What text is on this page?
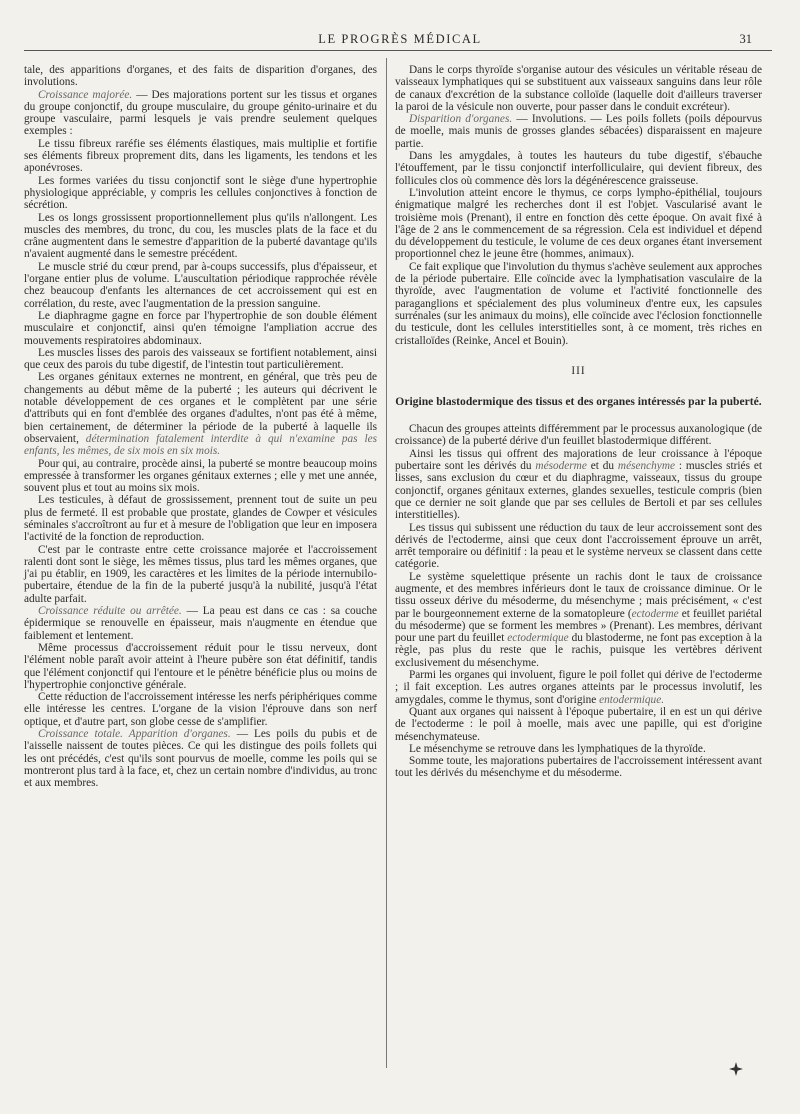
LE PROGRÈS MÉDICAL	31

tale, des apparitions d'organes, et des faits de disparition d'organes, des involutions.

Croissance majorée. — Des majorations portent sur les tissus et organes du groupe conjonctif, du groupe musculaire, du groupe génito-urinaire et du groupe vasculaire, parmi lesquels je vais prendre seulement quelques exemples :

Le tissu fibreux raréfie ses éléments élastiques, mais multiplie et fortifie ses éléments fibreux proprement dits, dans les ligaments, les tendons et les aponévroses.

Les formes variées du tissu conjonctif sont le siège d'une hypertrophie physiologique appréciable, y compris les cellules conjonctives à fonction de sécrétion.

Les os longs grossissent proportionnellement plus qu'ils n'allongent. Les muscles des membres, du tronc, du cou, les muscles plats de la face et du crâne augmentent dans le semestre d'apparition de la puberté davantage qu'ils n'avaient augmenté dans le semestre précédent.

Le muscle strié du cœur prend, par à-coups successifs, plus d'épaisseur, et l'organe entier plus de volume. L'auscultation périodique rapprochée révèle chez beaucoup d'enfants les alternances de cet accroissement qui est en corrélation, du reste, avec l'augmentation de la pression sanguine.

Le diaphragme gagne en force par l'hypertrophie de son double élément musculaire et conjonctif, ainsi qu'en témoigne l'ampliation accrue des mouvements respiratoires abdominaux.

Les muscles lisses des parois des vaisseaux se fortifient notablement, ainsi que ceux des parois du tube digestif, de l'intestin tout particulièrement.

Les organes génitaux externes ne montrent, en général, que très peu de changements au début même de la puberté ; les auteurs qui décrivent le notable développement de ces organes et le complètent par une série d'attributs qui en font d'emblée des organes d'adultes, n'ont pas été à même, bien certainement, de déterminer la période de la puberté à laquelle ils observaient, détermination fatalement interdite à qui n'examine pas les enfants, les mêmes, de six mois en six mois.

Pour qui, au contraire, procède ainsi, la puberté se montre beaucoup moins empressée à transformer les organes génitaux externes ; elle y met une année, souvent plus et tout au moins six mois.

Les testicules, à défaut de grossissement, prennent tout de suite un peu plus de fermeté. Il est probable que prostate, glandes de Cowper et vésicules séminales s'accroîtront au fur et à mesure de l'obligation que leur en imposera l'activité de la fonction de reproduction.

C'est par le contraste entre cette croissance majorée et l'accroissement ralenti dont sont le siège, les mêmes tissus, plus tard les mêmes organes, que j'ai pu établir, en 1909, les caractères et les limites de la période internubilo-pubertaire, étendue de la fin de la puberté jusqu'à la nubilité, jusqu'à l'état adulte parfait.

Croissance réduite ou arrêtée. — La peau est dans ce cas : sa couche épidermique se renouvelle en épaisseur, mais n'augmente en étendue que faiblement et lentement.

Même processus d'accroissement réduit pour le tissu nerveux, dont l'élément noble paraît avoir atteint à l'heure pubère son état définitif, tandis que l'élément conjonctif qui l'entoure et le pénètre bénéficie plus ou moins de l'hypertrophie conjonctive générale.

Cette réduction de l'accroissement intéresse les nerfs périphériques comme elle intéresse les centres. L'organe de la vision l'éprouve dans son nerf optique, et d'autre part, son globe cesse de s'amplifier.

Croissance totale. Apparition d'organes. — Les poils du pubis et de l'aisselle naissent de toutes pièces. Ce qui les distingue des poils follets qui les ont précédés, c'est qu'ils sont pourvus de moelle, comme les poils qui se montreront plus tard à la face, et, chez un certain nombre d'individus, au tronc et aux membres.

Dans le corps thyroïde s'organise autour des vésicules un véritable réseau de vaisseaux lymphatiques qui se substituent aux vaisseaux sanguins dans leur rôle de canaux d'excrétion de la substance colloïde (laquelle doit d'ailleurs traverser la paroi de la vésicule non ouverte, pour passer dans le conduit excréteur).

Disparition d'organes. — Involutions. — Les poils follets (poils dépourvus de moelle, mais munis de grosses glandes sébacées) disparaissent en majeure partie.

Dans les amygdales, à toutes les hauteurs du tube digestif, s'ébauche l'étouffement, par le tissu conjonctif interfolliculaire, qui devient fibreux, des follicules clos où commence dès lors la dégénérescence graisseuse.

L'involution atteint encore le thymus, ce corps lympho-épithélial, toujours énigmatique malgré les recherches dont il est l'objet. Vascularisé avant le troisième mois (Prenant), il entre en fonction dès cette époque. On avait fixé à l'âge de 2 ans le commencement de sa régression. Cela est individuel et dépend du développement du testicule, le volume de ces deux organes étant inversement proportionnel chez le jeune être (hommes, animaux).

Ce fait explique que l'involution du thymus s'achève seulement aux approches de la période pubertaire. Elle coïncide avec la lymphatisation vasculaire de la thyroïde, avec l'augmentation de volume et l'activité fonctionnelle des paraganglions et spécialement des plus volumineux d'entre eux, les capsules surrénales (sur les animaux du moins), elle coïncide avec l'éclosion fonctionnelle du testicule, dont les cellules interstitielles sont, à ce moment, très riches en cristalloïdes (Reinke, Ancel et Bouin).

III

Origine blastodermique des tissus et des organes intéressés par la puberté.

Chacun des groupes atteints différemment par le processus auxanologique (de croissance) de la puberté dérive d'un feuillet blastodermique différent.

Ainsi les tissus qui offrent des majorations de leur croissance à l'époque pubertaire sont les dérivés du mésoderme et du mésenchyme : muscles striés et lisses, sans exclusion du cœur et du diaphragme, vaisseaux, tissus du groupe conjonctif, organes génitaux externes, glandes sexuelles, testicule compris (bien que ce dernier ne soit glande que par ses cellules de Bertoli et par ses cellules interstitielles).

Les tissus qui subissent une réduction du taux de leur accroissement sont des dérivés de l'ectoderme, ainsi que ceux dont l'accroissement éprouve un arrêt, arrêt temporaire ou définitif : la peau et le système nerveux se classent dans cette catégorie.

Le système squelettique présente un rachis dont le taux de croissance augmente, et des membres inférieurs dont le taux de croissance diminue. Or le tissu osseux dérive du mésoderme, du mésenchyme ; mais précisément, « c'est par le bourgeonnement externe de la somatopleure (ectoderme et feuillet pariétal du mésoderme) que se forment les membres » (Prenant). Les membres, dérivant pour une part du feuillet ectodermique du blastoderme, ne font pas exception à la règle, pas plus du reste que le rachis, puisque les vertèbres dérivent exclusivement du mésenchyme.

Parmi les organes qui involuent, figure le poil follet qui dérive de l'ectoderme ; il fait exception. Les autres organes atteints par le processus involutif, les amygdales, comme le thymus, sont d'origine entodermique.

Quant aux organes qui naissent à l'époque pubertaire, il en est un qui dérive de l'ectoderme : le poil à moelle, mais avec une papille, qui est d'origine mésenchymateuse.

Le mésenchyme se retrouve dans les lymphatiques de la thyroïde.

Somme toute, les majorations pubertaires de l'accroissement intéressent avant tout les dérivés du mésenchyme et du mésoderme.
